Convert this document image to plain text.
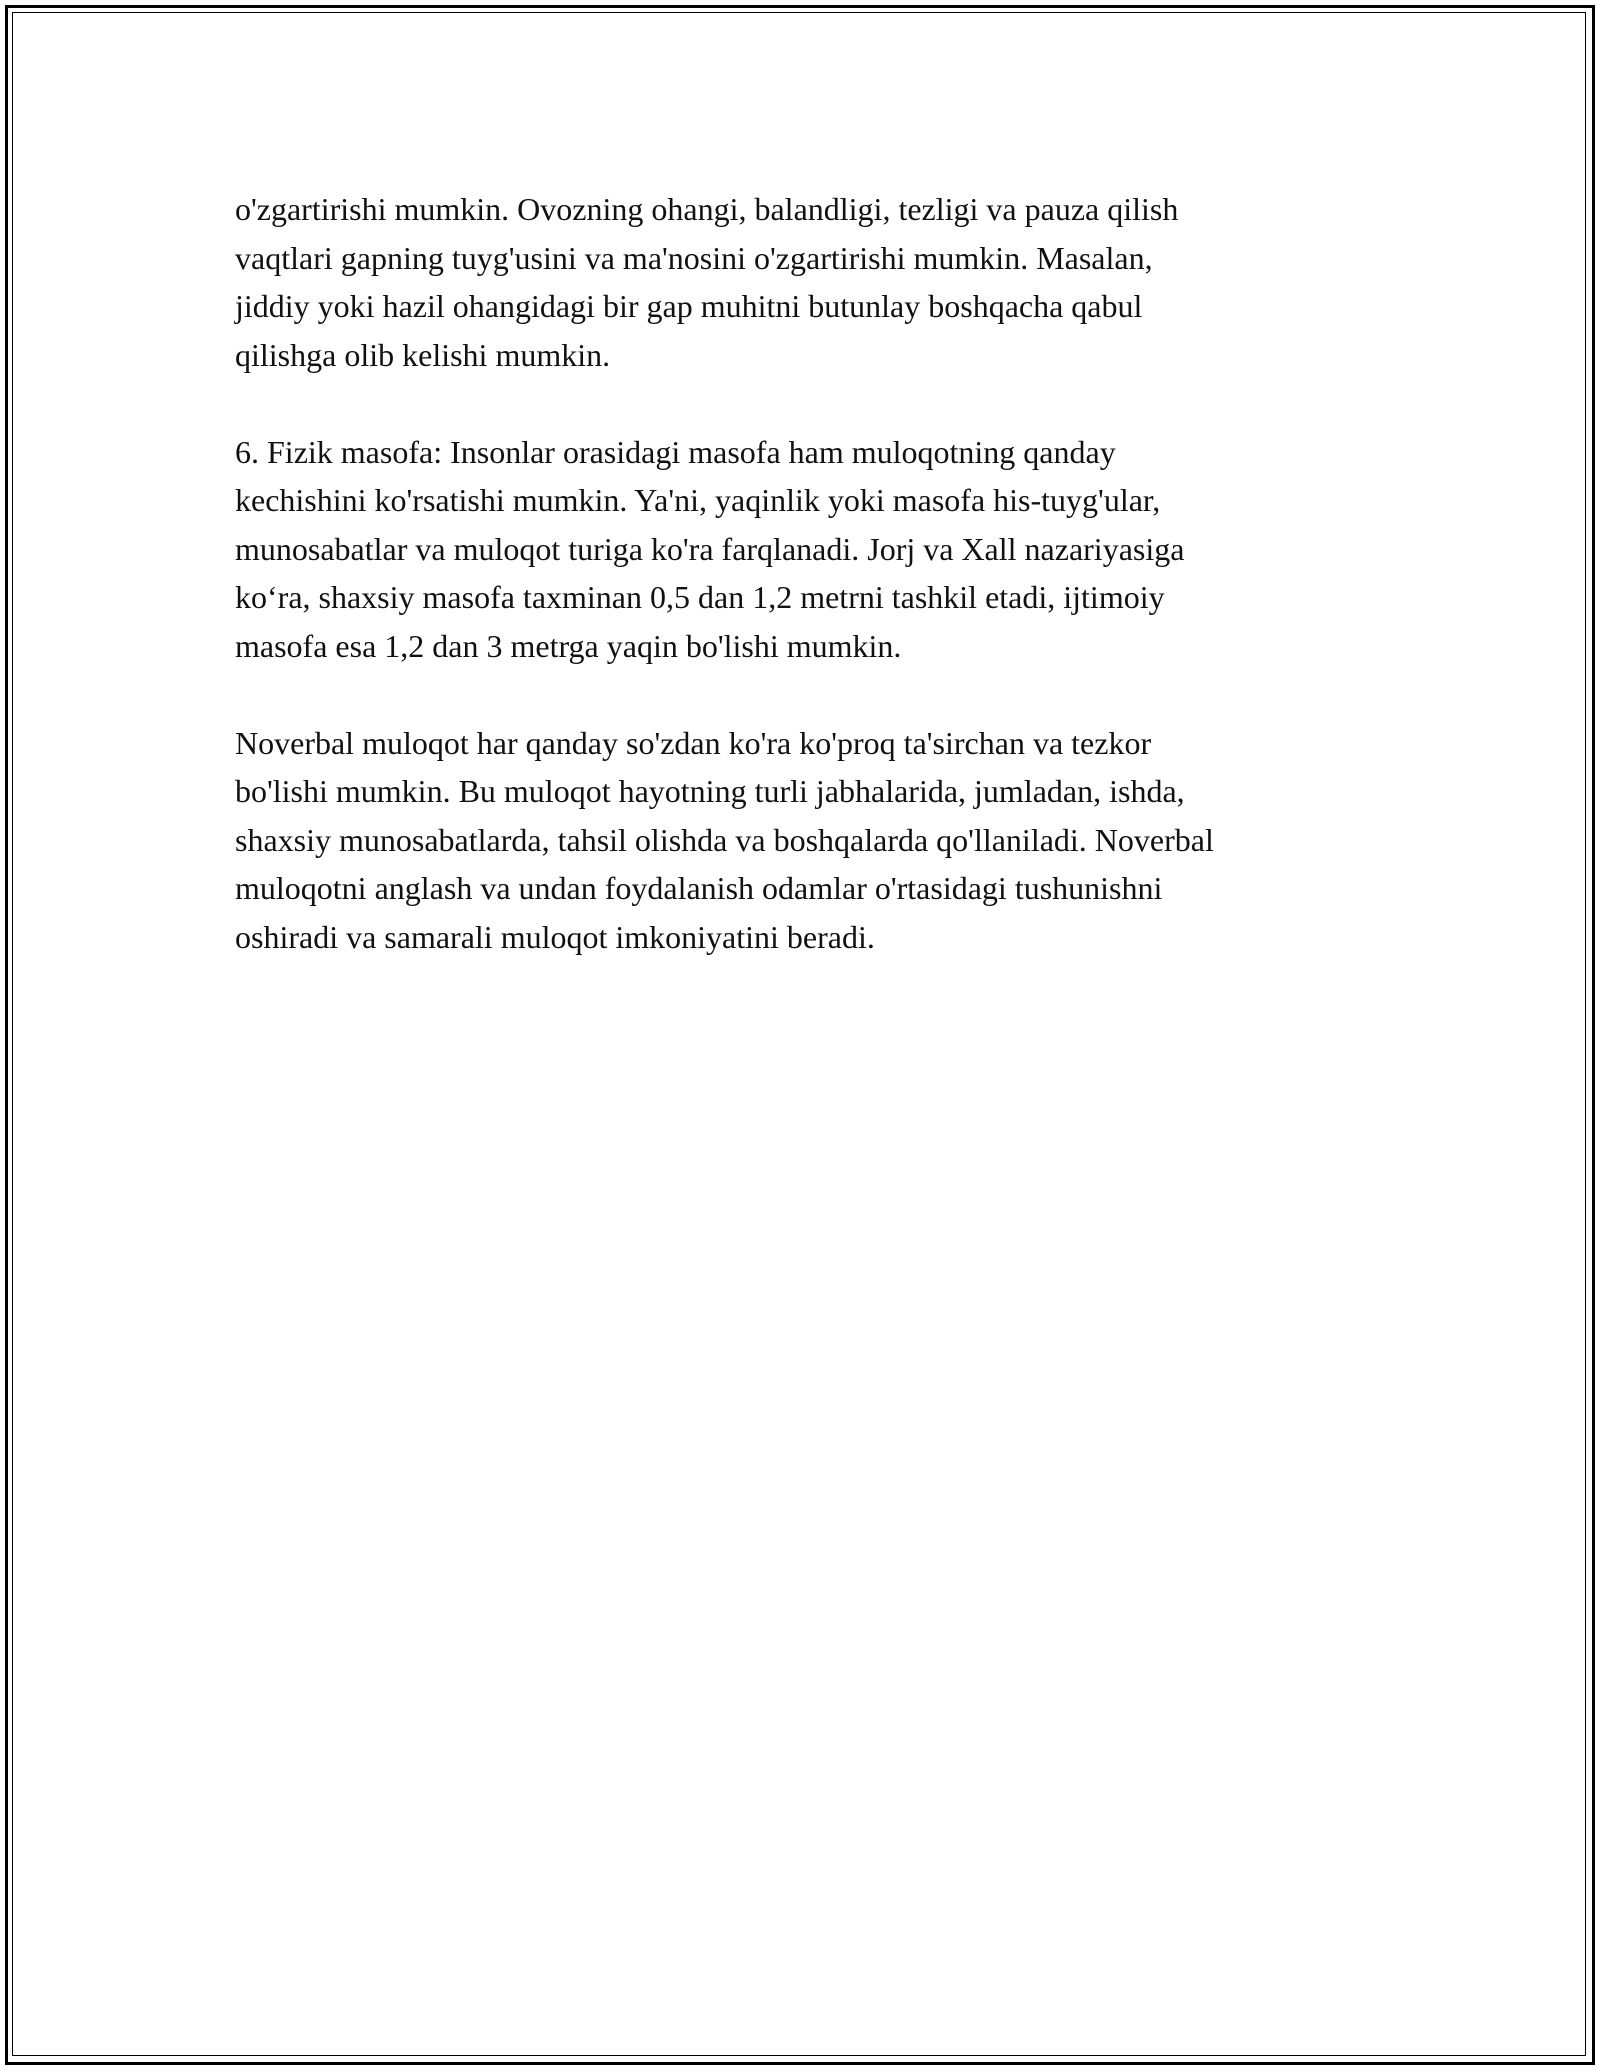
o'zgartirishi mumkin. Ovozning ohangi, balandligi, tezligi va pauza qilish
vaqtlari gapning tuyg'usini va ma'nosini o'zgartirishi mumkin. Masalan,
jiddiy yoki hazil ohangidagi bir gap muhitni butunlay boshqacha qabul
qilishga olib kelishi mumkin.

6. Fizik masofa: Insonlar orasidagi masofa ham muloqotning qanday
kechishini ko'rsatishi mumkin. Ya'ni, yaqinlik yoki masofa his-tuyg'ular,
munosabatlar va muloqot turiga ko'ra farqlanadi. Jorj va Xall nazariyasiga
ko‘ra, shaxsiy masofa taxminan 0,5 dan 1,2 metrni tashkil etadi, ijtimoiy
masofa esa 1,2 dan 3 metrga yaqin bo'lishi mumkin.

Noverbal muloqot har qanday so'zdan ko'ra ko'proq ta'sirchan va tezkor
bo'lishi mumkin. Bu muloqot hayotning turli jabhalarida, jumladan, ishda,
shaxsiy munosabatlarda, tahsil olishda va boshqalarda qo'llaniladi. Noverbal
muloqotni anglash va undan foydalanish odamlar o'rtasidagi tushunishni
oshiradi va samarali muloqot imkoniyatini beradi.
